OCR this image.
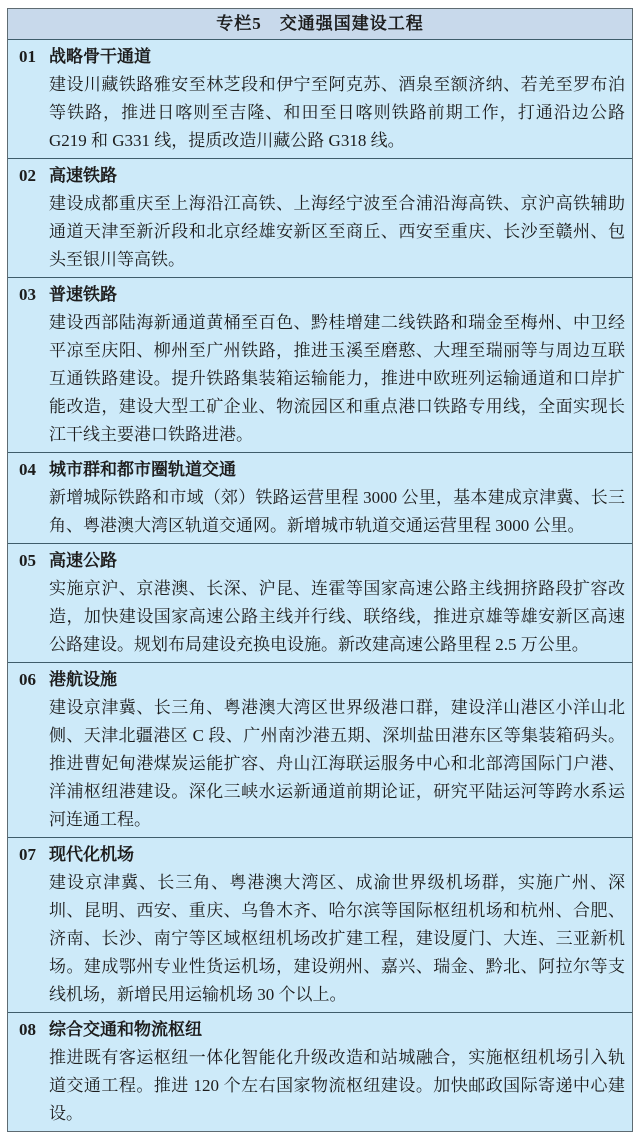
专栏5　交通强国建设工程
01 战略骨干通道
建设川藏铁路雅安至林芝段和伊宁至阿克苏、酒泉至额济纳、若羌至罗布泊等铁路，推进日喀则至吉隆、和田至日喀则铁路前期工作，打通沿边公路 G219 和 G331 线，提质改造川藏公路 G318 线。
02 高速铁路
建设成都重庆至上海沿江高铁、上海经宁波至合浦沿海高铁、京沪高铁辅助通道天津至新沂段和北京经雄安新区至商丘、西安至重庆、长沙至赣州、包头至银川等高铁。
03 普速铁路
建设西部陆海新通道黄桶至百色、黔桂增建二线铁路和瑞金至梅州、中卫经平凉至庆阳、柳州至广州铁路，推进玉溪至磨憨、大理至瑞丽等与周边互联互通铁路建设。提升铁路集装箱运输能力，推进中欧班列运输通道和口岸扩能改造，建设大型工矿企业、物流园区和重点港口铁路专用线，全面实现长江干线主要港口铁路进港。
04 城市群和都市圈轨道交通
新增城际铁路和市域（郊）铁路运营里程 3000 公里，基本建成京津冀、长三角、粤港澳大湾区轨道交通网。新增城市轨道交通运营里程 3000 公里。
05 高速公路
实施京沪、京港澳、长深、沪昆、连霍等国家高速公路主线拥挤路段扩容改造，加快建设国家高速公路主线并行线、联络线，推进京雄等雄安新区高速公路建设。规划布局建设充换电设施。新改建高速公路里程 2.5 万公里。
06 港航设施
建设京津冀、长三角、粤港澳大湾区世界级港口群，建设洋山港区小洋山北侧、天津北疆港区 C 段、广州南沙港五期、深圳盐田港东区等集装箱码头。推进曹妃甸港煤炭运能扩容、舟山江海联运服务中心和北部湾国际门户港、洋浦枢纽港建设。深化三峡水运新通道前期论证，研究平陆运河等跨水系运河连通工程。
07 现代化机场
建设京津冀、长三角、粤港澳大湾区、成渝世界级机场群，实施广州、深圳、昆明、西安、重庆、乌鲁木齐、哈尔滨等国际枢纽机场和杭州、合肥、济南、长沙、南宁等区域枢纽机场改扩建工程，建设厦门、大连、三亚新机场。建成鄂州专业性货运机场，建设朔州、嘉兴、瑞金、黔北、阿拉尔等支线机场，新增民用运输机场 30 个以上。
08 综合交通和物流枢纽
推进既有客运枢纽一体化智能化升级改造和站城融合，实施枢纽机场引入轨道交通工程。推进 120 个左右国家物流枢纽建设。加快邮政国际寄递中心建设。
